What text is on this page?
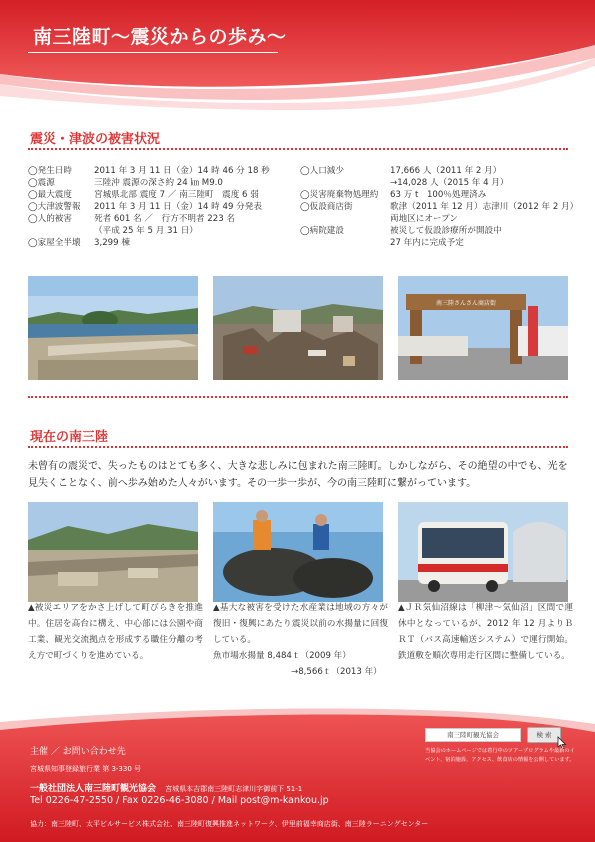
南三陸町〜震災からの歩み〜
震災・津波の被害状況
◯発生日時	2011 年 3 月 11 日（金）14 時 46 分 18 秒
◯震源	三陸沖 震源の深さ約 24 ㎞ M9.0
◯最大震度	宮城県北部 震度 7 ／ 南三陸町　震度 6 弱
◯大津波警報 2011 年 3 月 11 日（金）14 時 49 分発表
◯人的被害	死者 601 名 ／　行方不明者 223 名
（平成 25 年 5 月 31 日）
◯家屋全半壊 3,299 棟
◯人口減少	17,666 人（2011 年 2 月）
→14,028 人（2015 年 4 月）
◯災害廃棄物処理約 63 万 t　100％処理済み
◯仮設商店街	歌津（2011 年 12 月）志津川（2012 年 2 月）
両地区にオープン
◯病院建設	被災して仮設診療所が開設中
27 年内に完成予定
南三陸さんさん商店街
現在の南三陸
未曾有の震災で、失ったものはとても多く、大きな悲しみに包まれた南三陸町。しかしながら、その絶望の中でも、光を見失くことなく、前へ歩み始めた人々がいます。その一歩一歩が、今の南三陸町に繋がっています。
▲被災エリアをかさ上げして町びらきを推進中。住居を高台に構え、中心部には公園や商工業、観光交流拠点を形成する職住分離の考え方で町づくりを進めている。
▲基大な被害を受けた水産業は地域の方々が復旧・復興にあたり震災以前の水揚量に回復している。
魚市場水揚量 8,484ｔ（2009 年）
→8,566ｔ（2013 年）
▲ＪＲ気仙沼線は「柳津〜気仙沼」区間で運休中となっているが、2012 年 12 月よりＢＲＴ（バス高速輸送システム）で運行開始。鉄道敷を順次専用走行区間に整備している。
主催 ／ お問い合わせ先
宮城県知事登録旅行業 第 3-330 号
一般社団法人南三陸町観光協会 宮城県本吉郡南三陸町志津川字御前下 51-1
Tel 0226-47-2550 / Fax 0226-46-3080 / Mail post@m-kankou.jp
協力：南三陸町、太平ビルサービス株式会社、南三陸町復興推進ネットワーク、伊里前福幸商店街、南三陸ラーニングセンター
南三陸町観光協会	検 索
当協会のホームページでは着行中のツアープログラムや最新のイベント、宿泊施設、アクセス、飲食店の情報を公開しています。
